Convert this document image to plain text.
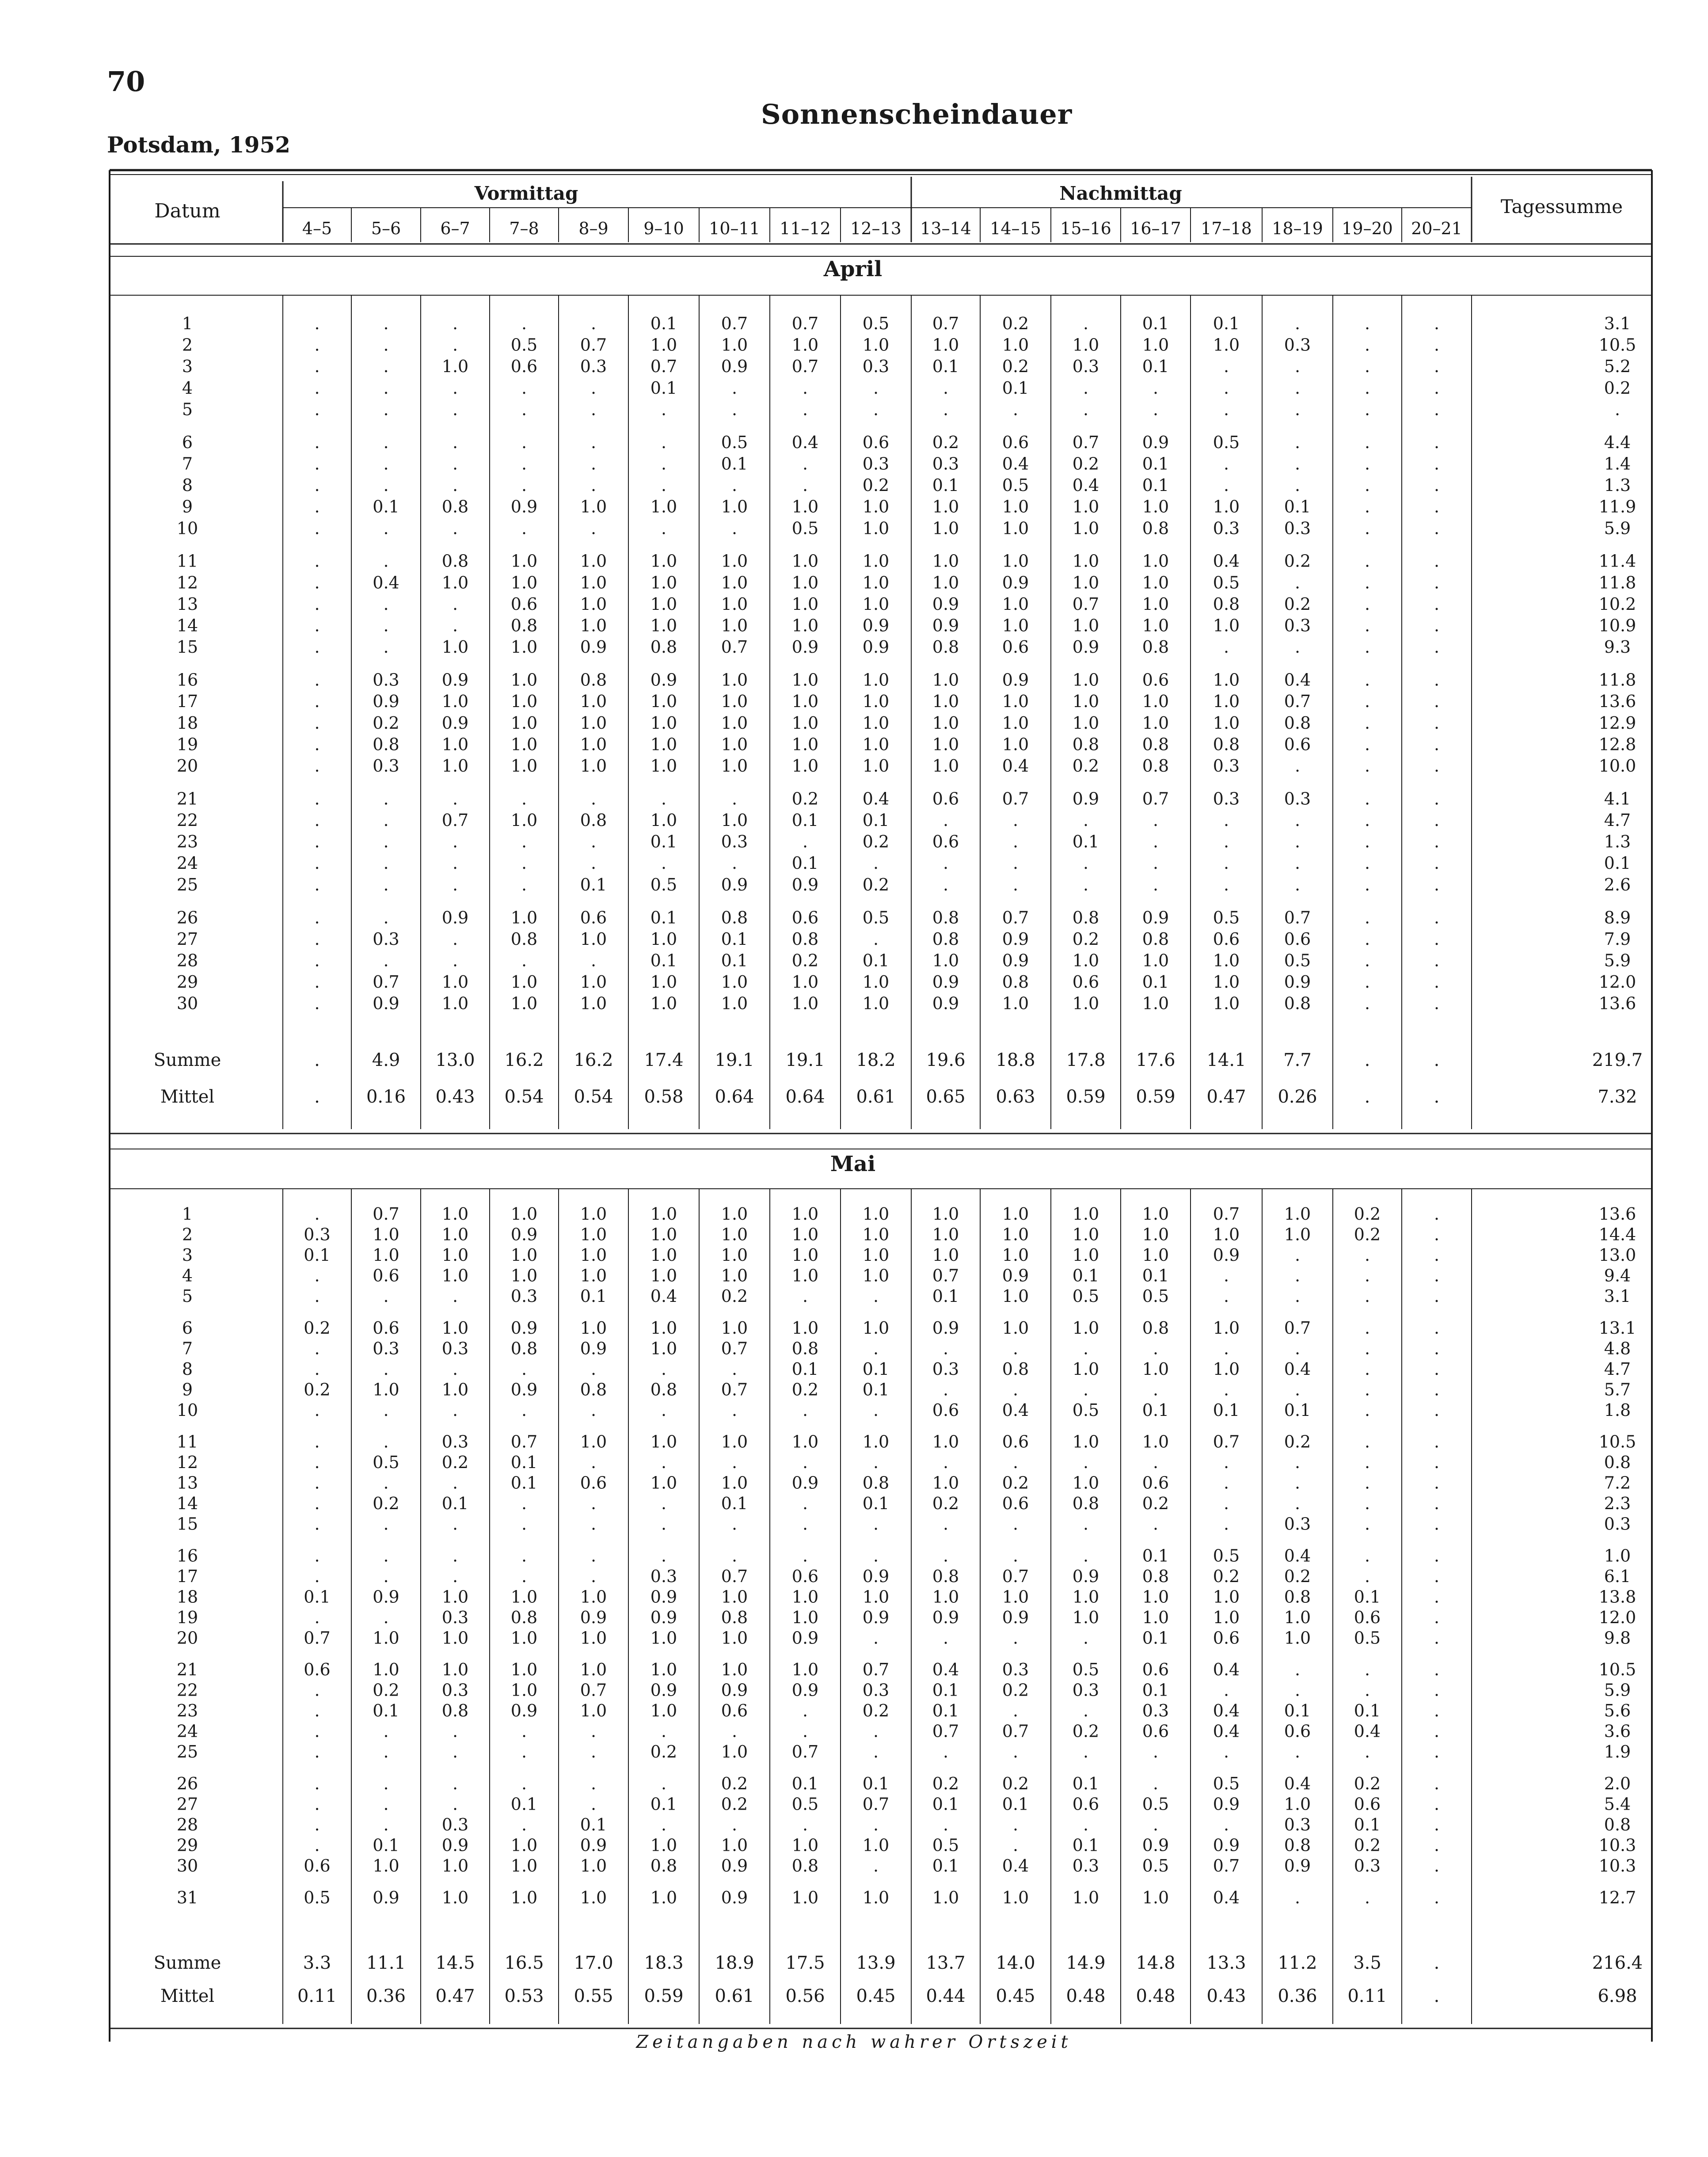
70
Sonnenscheindauer
Potsdam, 1952
Datum
Vormittag	Nachmittag
Tagessumme
4–5 5–6 6–7 7–8 8–9 9–10 10–11 11–12 12–13 13–14 14–15 15–16 16–17 17–18 18–19 19–20 20–21
April
Mai
1	.	.	.	.	.	0.1	0.7	0.7	0.5	0.7	0.2	.	0.1	0.1	.	.	.	3.1
2	.	.	.	0.5	0.7	1.0	1.0	1.0	1.0	1.0	1.0	1.0	1.0	1.0	0.3	.	.	10.5
3	.	.	1.0	0.6	0.3	0.7	0.9	0.7	0.3	0.1	0.2	0.3	0.1	.	.	.	.	5.2
4	.	.	.	.	.	0.1	.	.	.	.	0.1	.	.	.	.	.	.	0.2
5	.	.	.	.	.	.	.	.	.	.	.	.	.	.	.	.	.	.
6	.	.	.	.	.	.	0.5	0.4	0.6	0.2	0.6	0.7	0.9	0.5	.	.	.	4.4
7	.	.	.	.	.	.	0.1	.	0.3	0.3	0.4	0.2	0.1	.	.	.	.	1.4
8	.	.	.	.	.	.	.	.	0.2	0.1	0.5	0.4	0.1	.	.	.	.	1.3
9	.	0.1	0.8	0.9	1.0	1.0	1.0	1.0	1.0	1.0	1.0	1.0	1.0	1.0	0.1	.	.	11.9
10	.	.	.	.	.	.	.	0.5	1.0	1.0	1.0	1.0	0.8	0.3	0.3	.	.	5.9
11	.	.	0.8	1.0	1.0	1.0	1.0	1.0	1.0	1.0	1.0	1.0	1.0	0.4	0.2	.	.	11.4
12	.	0.4	1.0	1.0	1.0	1.0	1.0	1.0	1.0	1.0	0.9	1.0	1.0	0.5	.	.	.	11.8
13	.	.	.	0.6	1.0	1.0	1.0	1.0	1.0	0.9	1.0	0.7	1.0	0.8	0.2	.	.	10.2
14	.	.	.	0.8	1.0	1.0	1.0	1.0	0.9	0.9	1.0	1.0	1.0	1.0	0.3	.	.	10.9
15	.	.	1.0	1.0	0.9	0.8	0.7	0.9	0.9	0.8	0.6	0.9	0.8	.	.	.	.	9.3
16	.	0.3	0.9	1.0	0.8	0.9	1.0	1.0	1.0	1.0	0.9	1.0	0.6	1.0	0.4	.	.	11.8
17	.	0.9	1.0	1.0	1.0	1.0	1.0	1.0	1.0	1.0	1.0	1.0	1.0	1.0	0.7	.	.	13.6
18	.	0.2	0.9	1.0	1.0	1.0	1.0	1.0	1.0	1.0	1.0	1.0	1.0	1.0	0.8	.	.	12.9
19	.	0.8	1.0	1.0	1.0	1.0	1.0	1.0	1.0	1.0	1.0	0.8	0.8	0.8	0.6	.	.	12.8
20	.	0.3	1.0	1.0	1.0	1.0	1.0	1.0	1.0	1.0	0.4	0.2	0.8	0.3	.	.	.	10.0
21	.	.	.	.	.	.	.	0.2	0.4	0.6	0.7	0.9	0.7	0.3	0.3	.	.	4.1
22	.	.	0.7	1.0	0.8	1.0	1.0	0.1	0.1	.	.	.	.	.	.	.	.	4.7
23	.	.	.	.	.	0.1	0.3	.	0.2	0.6	.	0.1	.	.	.	.	.	1.3
24	.	.	.	.	.	.	.	0.1	.	.	.	.	.	.	.	.	.	0.1
25	.	.	.	.	0.1	0.5	0.9	0.9	0.2	.	.	.	.	.	.	.	.	2.6
26	.	.	0.9	1.0	0.6	0.1	0.8	0.6	0.5	0.8	0.7	0.8	0.9	0.5	0.7	.	.	8.9
27	.	0.3	.	0.8	1.0	1.0	0.1	0.8	.	0.8	0.9	0.2	0.8	0.6	0.6	.	.	7.9
28	.	.	.	.	.	0.1	0.1	0.2	0.1	1.0	0.9	1.0	1.0	1.0	0.5	.	.	5.9
29	.	0.7	1.0	1.0	1.0	1.0	1.0	1.0	1.0	0.9	0.8	0.6	0.1	1.0	0.9	.	.	12.0
30	.	0.9	1.0	1.0	1.0	1.0	1.0	1.0	1.0	0.9	1.0	1.0	1.0	1.0	0.8	.	.	13.6
Summe	.	4.9 13.0 16.2 16.2 17.4 19.1 19.1 18.2 19.6 18.8 17.8 17.6 14.1 7.7	.	.	219.7
Mittel	.	0.16 0.43 0.54 0.54 0.58 0.64 0.64 0.61 0.65 0.63 0.59 0.59 0.47 0.26	.	.	7.32
1	.	0.7	1.0	1.0	1.0	1.0	1.0	1.0	1.0	1.0	1.0	1.0	1.0	0.7	1.0	0.2	.	13.6
2	0.3	1.0	1.0	0.9	1.0	1.0	1.0	1.0	1.0	1.0	1.0	1.0	1.0	1.0	1.0	0.2	.	14.4
3	0.1	1.0	1.0	1.0	1.0	1.0	1.0	1.0	1.0	1.0	1.0	1.0	1.0	0.9	.	.	.	13.0
4	.	0.6	1.0	1.0	1.0	1.0	1.0	1.0	1.0	0.7	0.9	0.1	0.1	.	.	.	.	9.4
5	.	.	.	0.3	0.1	0.4	0.2	.	.	0.1	1.0	0.5	0.5	.	.	.	.	3.1
6	0.2	0.6	1.0	0.9	1.0	1.0	1.0	1.0	1.0	0.9	1.0	1.0	0.8	1.0	0.7	.	.	13.1
7	.	0.3	0.3	0.8	0.9	1.0	0.7	0.8	.	.	.	.	.	.	.	.	.	4.8
8	.	.	.	.	.	.	.	0.1	0.1	0.3	0.8	1.0	1.0	1.0	0.4	.	.	4.7
9	0.2	1.0	1.0	0.9	0.8	0.8	0.7	0.2	0.1	.	.	.	.	.	.	.	.	5.7
10	.	.	.	.	.	.	.	.	.	0.6	0.4	0.5	0.1	0.1	0.1	.	.	1.8
11	.	.	0.3	0.7	1.0	1.0	1.0	1.0	1.0	1.0	0.6	1.0	1.0	0.7	0.2	.	.	10.5
12	.	0.5	0.2	0.1	.	.	.	.	.	.	.	.	.	.	.	.	.	0.8
13	.	.	.	0.1	0.6	1.0	1.0	0.9	0.8	1.0	0.2	1.0	0.6	.	.	.	.	7.2
14	.	0.2	0.1	.	.	.	0.1	.	0.1	0.2	0.6	0.8	0.2	.	.	.	.	2.3
15	.	.	.	.	.	.	.	.	.	.	.	.	.	.	0.3	.	.	0.3
16	.	.	.	.	.	.	.	.	.	.	.	.	0.1	0.5	0.4	.	.	1.0
17	.	.	.	.	.	0.3	0.7	0.6	0.9	0.8	0.7	0.9	0.8	0.2	0.2	.	.	6.1
18	0.1	0.9	1.0	1.0	1.0	0.9	1.0	1.0	1.0	1.0	1.0	1.0	1.0	1.0	0.8	0.1	.	13.8
19	.	.	0.3	0.8	0.9	0.9	0.8	1.0	0.9	0.9	0.9	1.0	1.0	1.0	1.0	0.6	.	12.0
20	0.7	1.0	1.0	1.0	1.0	1.0	1.0	0.9	.	.	.	.	0.1	0.6	1.0	0.5	.	9.8
21	0.6	1.0	1.0	1.0	1.0	1.0	1.0	1.0	0.7	0.4	0.3	0.5	0.6	0.4	.	.	.	10.5
22	.	0.2	0.3	1.0	0.7	0.9	0.9	0.9	0.3	0.1	0.2	0.3	0.1	.	.	.	.	5.9
23	.	0.1	0.8	0.9	1.0	1.0	0.6	.	0.2	0.1	.	.	0.3	0.4	0.1	0.1	.	5.6
24	.	.	.	.	.	.	.	.	.	0.7	0.7	0.2	0.6	0.4	0.6	0.4	.	3.6
25	.	.	.	.	.	0.2	1.0	0.7	.	.	.	.	.	.	.	.	.	1.9
26	.	.	.	.	.	.	0.2	0.1	0.1	0.2	0.2	0.1	.	0.5	0.4	0.2	.	2.0
27	.	.	.	0.1	.	0.1	0.2	0.5	0.7	0.1	0.1	0.6	0.5	0.9	1.0	0.6	.	5.4
28	.	.	0.3	.	0.1	.	.	.	.	.	.	.	.	.	0.3	0.1	.	0.8
29	.	0.1	0.9	1.0	0.9	1.0	1.0	1.0	1.0	0.5	.	0.1	0.9	0.9	0.8	0.2	.	10.3
30	0.6	1.0	1.0	1.0	1.0	0.8	0.9	0.8	.	0.1	0.4	0.3	0.5	0.7	0.9	0.3	.	10.3
31	0.5	0.9	1.0	1.0	1.0	1.0	0.9	1.0	1.0	1.0	1.0	1.0	1.0	0.4	.	.	.	12.7
Summe	3.3 11.1 14.5 16.5 17.0 18.3 18.9 17.5 13.9 13.7 14.0 14.9 14.8 13.3 11.2 3.5	.	216.4
Mittel	0.11 0.36 0.47 0.53 0.55 0.59 0.61 0.56 0.45 0.44 0.45 0.48 0.48 0.43 0.36 0.11	.	6.98
Zeitangaben nach wahrer Ortszeit
